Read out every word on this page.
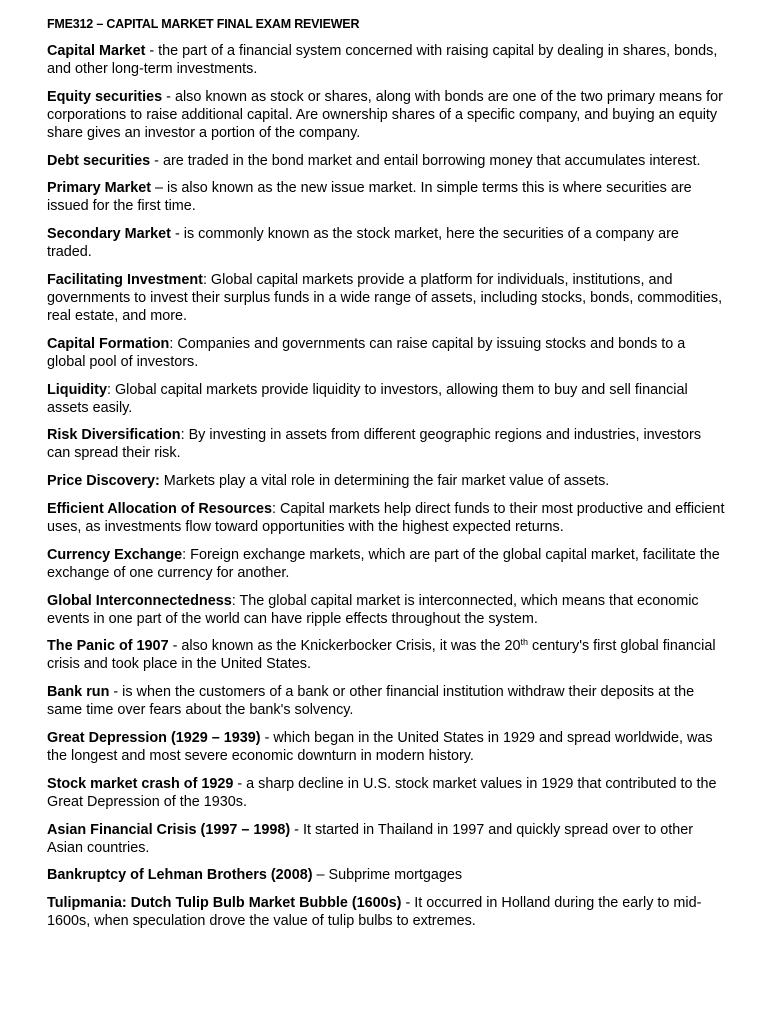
FME312 – CAPITAL MARKET FINAL EXAM REVIEWER

Capital Market - the part of a financial system concerned with raising capital by dealing in shares, bonds, and other long-term investments.

Equity securities - also known as stock or shares, along with bonds are one of the two primary means for corporations to raise additional capital. Are ownership shares of a specific company, and buying an equity share gives an investor a portion of the company.

Debt securities - are traded in the bond market and entail borrowing money that accumulates interest.

Primary Market – is also known as the new issue market. In simple terms this is where securities are issued for the first time.

Secondary Market - is commonly known as the stock market, here the securities of a company are traded.

Facilitating Investment: Global capital markets provide a platform for individuals, institutions, and governments to invest their surplus funds in a wide range of assets, including stocks, bonds, commodities, real estate, and more.

Capital Formation: Companies and governments can raise capital by issuing stocks and bonds to a global pool of investors.

Liquidity: Global capital markets provide liquidity to investors, allowing them to buy and sell financial assets easily.

Risk Diversification: By investing in assets from different geographic regions and industries, investors can spread their risk.

Price Discovery: Markets play a vital role in determining the fair market value of assets.

Efficient Allocation of Resources: Capital markets help direct funds to their most productive and efficient uses, as investments flow toward opportunities with the highest expected returns.

Currency Exchange: Foreign exchange markets, which are part of the global capital market, facilitate the exchange of one currency for another.

Global Interconnectedness: The global capital market is interconnected, which means that economic events in one part of the world can have ripple effects throughout the system.

The Panic of 1907 - also known as the Knickerbocker Crisis, it was the 20th century's first global financial crisis and took place in the United States.

Bank run - is when the customers of a bank or other financial institution withdraw their deposits at the same time over fears about the bank's solvency.

Great Depression (1929 – 1939) - which began in the United States in 1929 and spread worldwide, was the longest and most severe economic downturn in modern history.

Stock market crash of 1929 - a sharp decline in U.S. stock market values in 1929 that contributed to the Great Depression of the 1930s.

Asian Financial Crisis (1997 – 1998) - It started in Thailand in 1997 and quickly spread over to other Asian countries.

Bankruptcy of Lehman Brothers (2008) – Subprime mortgages

Tulipmania: Dutch Tulip Bulb Market Bubble (1600s) - It occurred in Holland during the early to mid-1600s, when speculation drove the value of tulip bulbs to extremes.
